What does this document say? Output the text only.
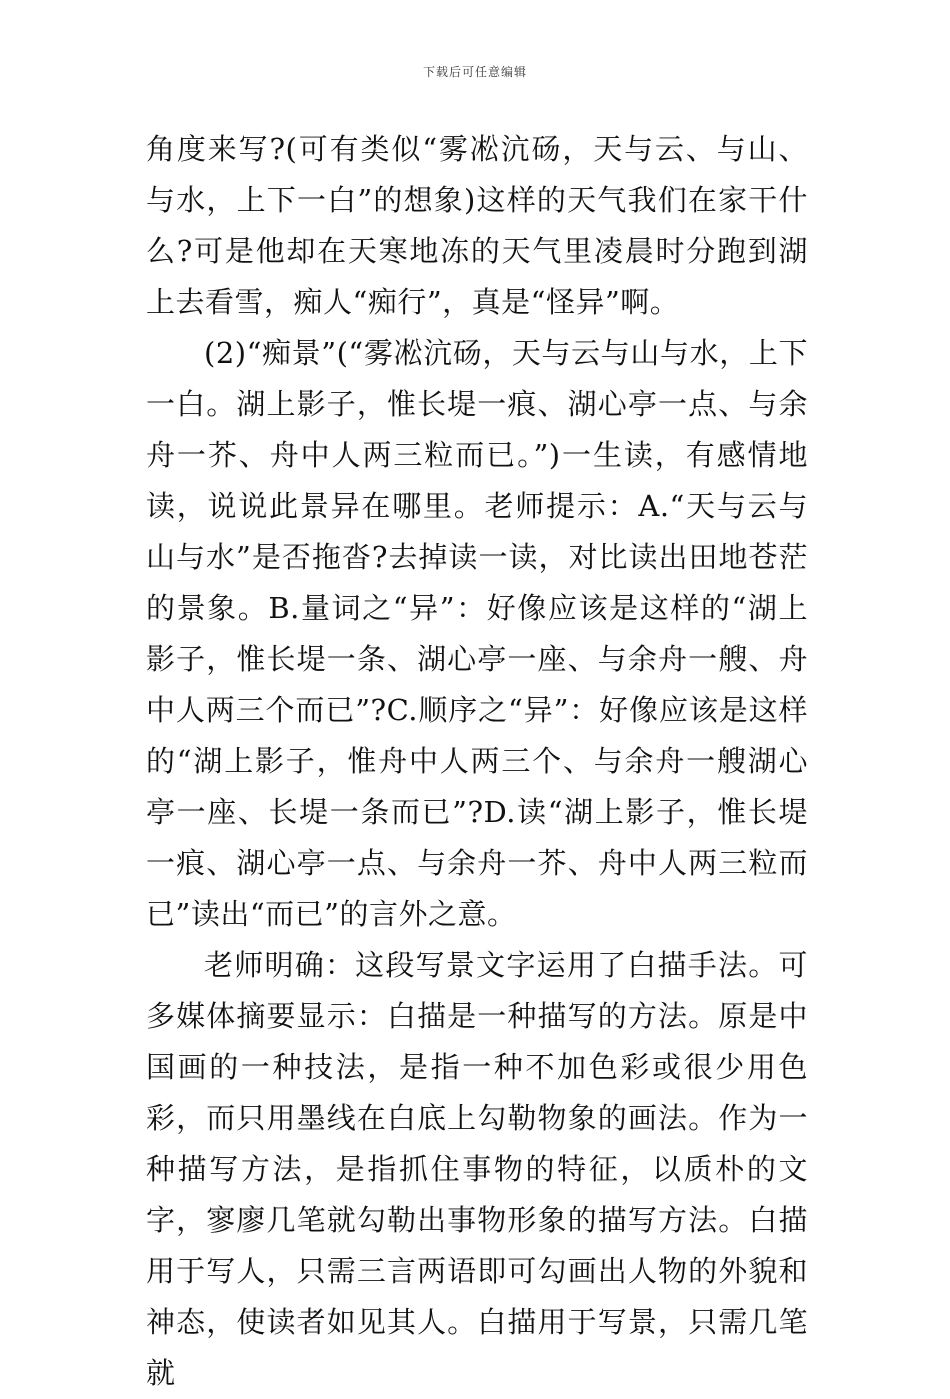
下载后可任意编辑

角度来写?(可有类似“雾凇沆砀，天与云、与山、与水，上下一白”的想象)这样的天气我们在家干什么?可是他却在天寒地冻的天气里凌晨时分跑到湖上去看雪，痴人“痴行”，真是“怪异”啊。

(2)“痴景”(“雾凇沆砀，天与云与山与水，上下一白。湖上影子，惟长堤一痕、湖心亭一点、与余舟一芥、舟中人两三粒而已。”)一生读，有感情地读，说说此景异在哪里。老师提示：A.“天与云与山与水”是否拖沓?去掉读一读，对比读出田地苍茫的景象。B.量词之“异”：好像应该是这样的“湖上影子，惟长堤一条、湖心亭一座、与余舟一艘、舟中人两三个而已”?C.顺序之“异”：好像应该是这样的“湖上影子，惟舟中人两三个、与余舟一艘湖心亭一座、长堤一条而已”?D.读“湖上影子，惟长堤一痕、湖心亭一点、与余舟一芥、舟中人两三粒而已”读出“而已”的言外之意。

老师明确：这段写景文字运用了白描手法。可多媒体摘要显示：白描是一种描写的方法。原是中国画的一种技法，是指一种不加色彩或很少用色彩，而只用墨线在白底上勾勒物象的画法。作为一种描写方法，是指抓住事物的特征，以质朴的文字，寥廖几笔就勾勒出事物形象的描写方法。白描用于写人，只需三言两语即可勾画出人物的外貌和神态，使读者如见其人。白描用于写景，只需几笔就
